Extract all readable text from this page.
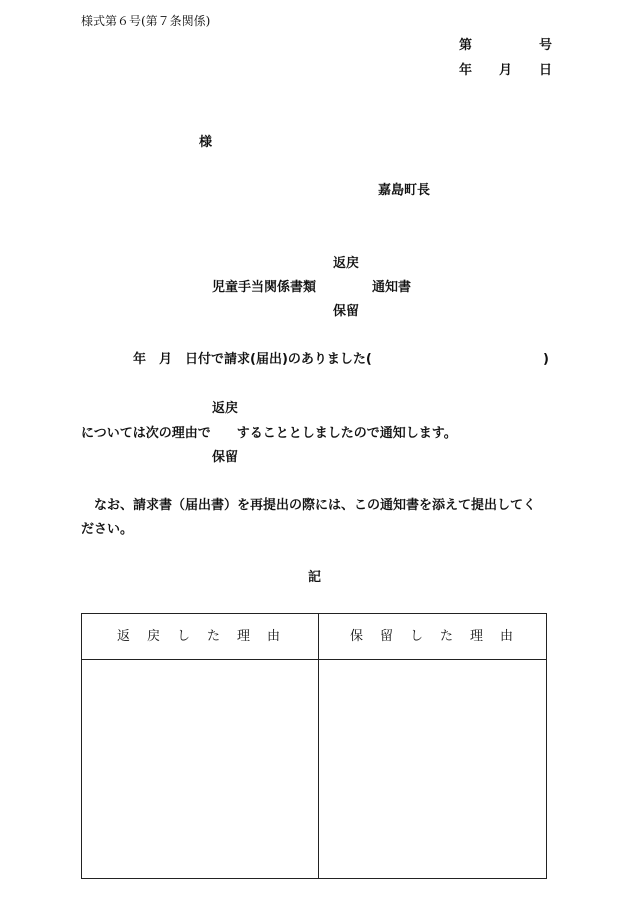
様式第６号(第７条関係)
第	号
年 月 日
様
嘉島町長
返戻
児童手当関係書類	通知書
保留
年 月 日付で請求(届出)のありました(	)
返戻
については次の理由で　　することとしましたので通知します。
保留
なお、請求書（届出書）を再提出の際には、この通知書を添えて提出してく
ださい。
記
返戻した理由	保留した理由
